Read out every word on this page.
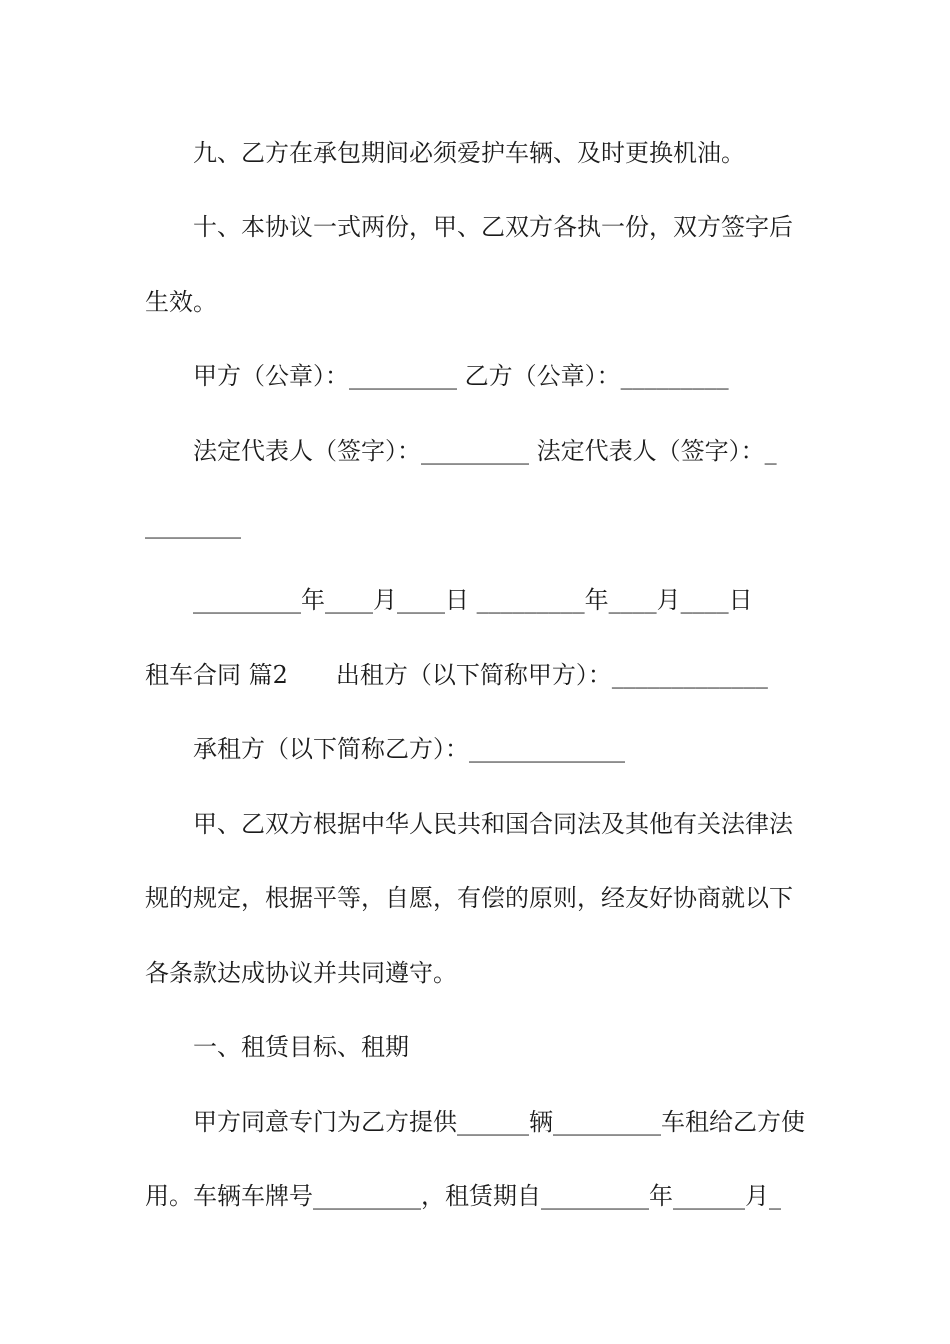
九、乙方在承包期间必须爱护车辆、及时更换机油。
十、本协议一式两份，甲、乙双方各执一份，双方签字后
生效。
甲方（公章）：_________ 乙方（公章）：_________
法定代表人（签字）：_________ 法定代表人（签字）：_
________
_________年____月____日 _________年____月____日
租车合同 篇2　　出租方（以下简称甲方）：_____________
承租方（以下简称乙方）：_____________
甲、乙双方根据中华人民共和国合同法及其他有关法律法
规的规定，根据平等，自愿，有偿的原则，经友好协商就以下
各条款达成协议并共同遵守。
一、租赁目标、租期
甲方同意专门为乙方提供______辆_________车租给乙方使
用。车辆车牌号_________，租赁期自_________年______月_
